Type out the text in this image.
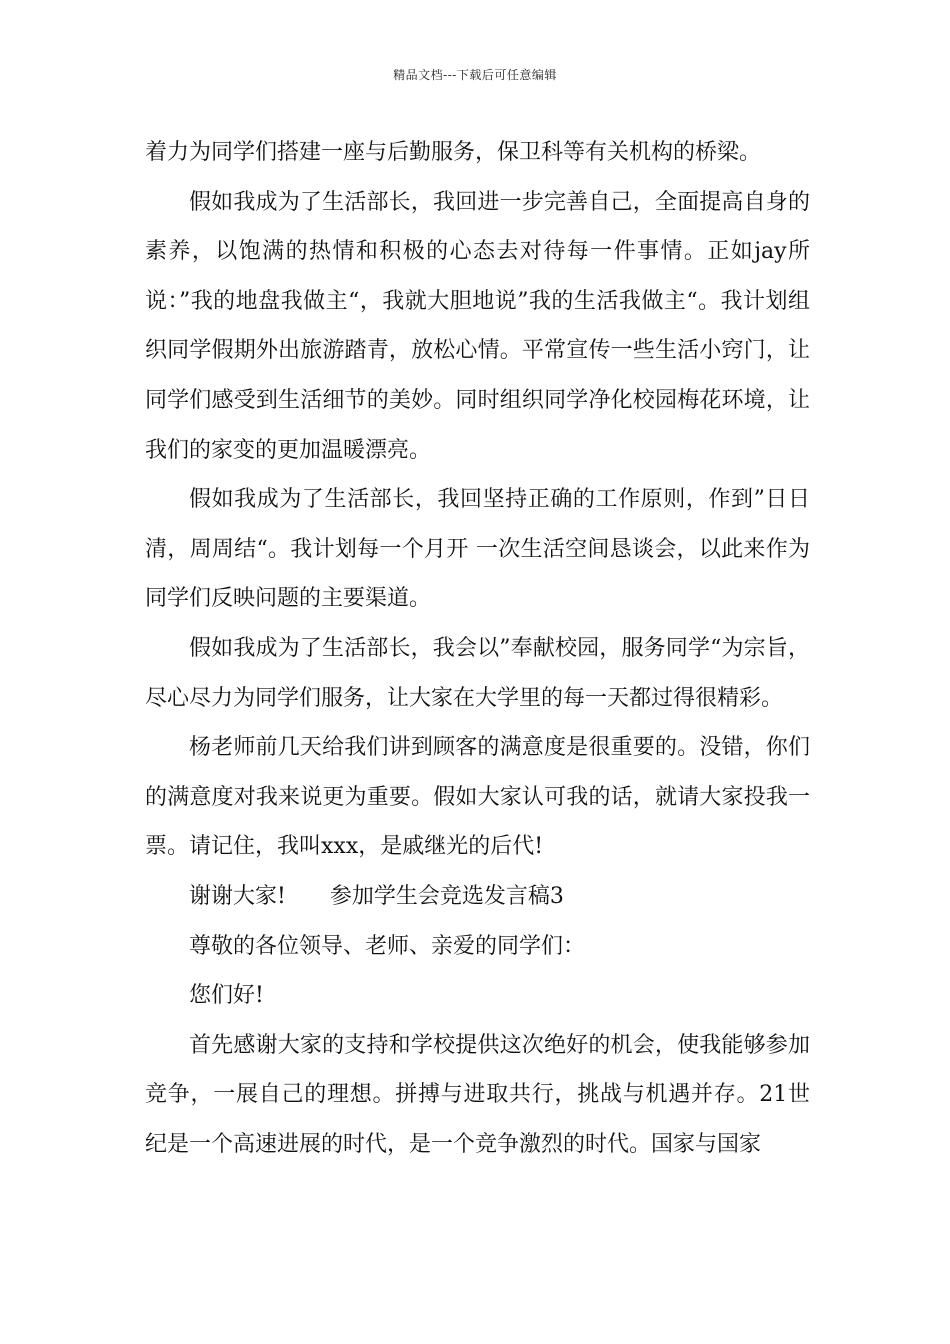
精品文档---下载后可任意编辑

着力为同学们搭建一座与后勤服务，保卫科等有关机构的桥梁。

假如我成为了生活部长，我回进一步完善自己，全面提高自身的素养，以饱满的热情和积极的心态去对待每一件事情。正如jay所说：”我的地盘我做主“，我就大胆地说”我的生活我做主“。我计划组织同学假期外出旅游踏青，放松心情。平常宣传一些生活小窍门，让同学们感受到生活细节的美妙。同时组织同学净化校园梅花环境，让我们的家变的更加温暖漂亮。

假如我成为了生活部长，我回坚持正确的工作原则，作到”日日清，周周结“。我计划每一个月开 一次生活空间恳谈会，以此来作为同学们反映问题的主要渠道。

假如我成为了生活部长，我会以”奉献校园，服务同学“为宗旨，尽心尽力为同学们服务，让大家在大学里的每一天都过得很精彩。

杨老师前几天给我们讲到顾客的满意度是很重要的。没错，你们的满意度对我来说更为重要。假如大家认可我的话，就请大家投我一票。请记住，我叫xxx，是戚继光的后代!

谢谢大家!　　参加学生会竞选发言稿3

尊敬的各位领导、老师、亲爱的同学们：

您们好!

首先感谢大家的支持和学校提供这次绝好的机会，使我能够参加竞争，一展自己的理想。拼搏与进取共行，挑战与机遇并存。21世纪是一个高速进展的时代，是一个竞争激烈的时代。国家与国家
